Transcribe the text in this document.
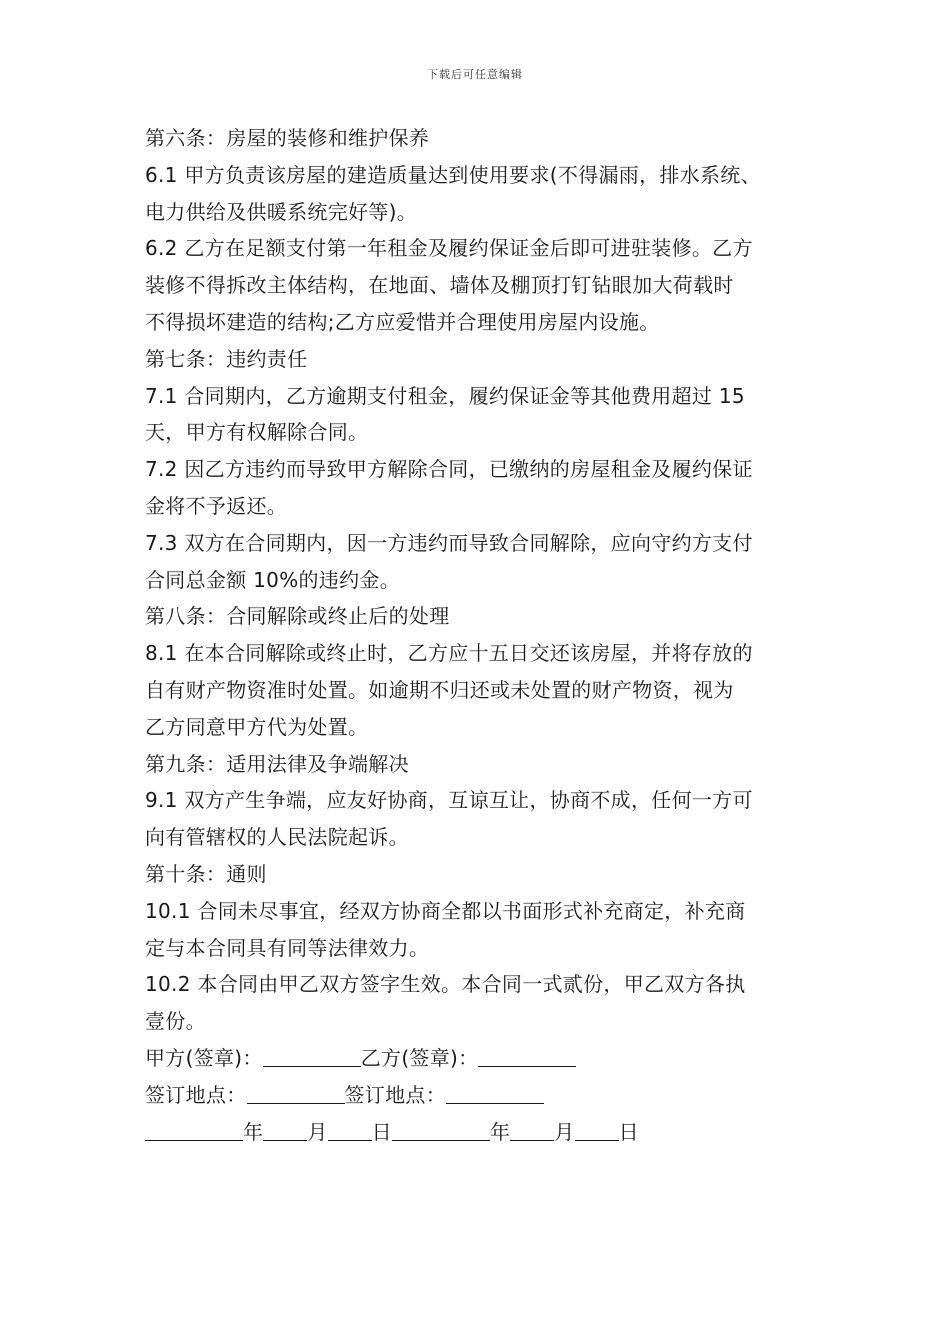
下载后可任意编辑
第六条：房屋的装修和维护保养
6.1 甲方负责该房屋的建造质量达到使用要求(不得漏雨，排水系统、
电力供给及供暖系统完好等)。
6.2 乙方在足额支付第一年租金及履约保证金后即可进驻装修。乙方
装修不得拆改主体结构，在地面、墙体及棚顶打钉钻眼加大荷载时
不得损坏建造的结构;乙方应爱惜并合理使用房屋内设施。
第七条：违约责任
7.1 合同期内，乙方逾期支付租金，履约保证金等其他费用超过 15
天，甲方有权解除合同。
7.2 因乙方违约而导致甲方解除合同，已缴纳的房屋租金及履约保证
金将不予返还。
7.3 双方在合同期内，因一方违约而导致合同解除，应向守约方支付
合同总金额 10%的违约金。
第八条：合同解除或终止后的处理
8.1 在本合同解除或终止时，乙方应十五日交还该房屋，并将存放的
自有财产物资准时处置。如逾期不归还或未处置的财产物资，视为
乙方同意甲方代为处置。
第九条：适用法律及争端解决
9.1 双方产生争端，应友好协商，互谅互让，协商不成，任何一方可
向有管辖权的人民法院起诉。
第十条：通则
10.1 合同未尽事宜，经双方协商全都以书面形式补充商定，补充商
定与本合同具有同等法律效力。
10.2 本合同由甲乙双方签字生效。本合同一式贰份，甲乙双方各执
壹份。
甲方(签章)：	乙方(签章)：
签订地点：	签订地点：
年 月 日	年 月 日
